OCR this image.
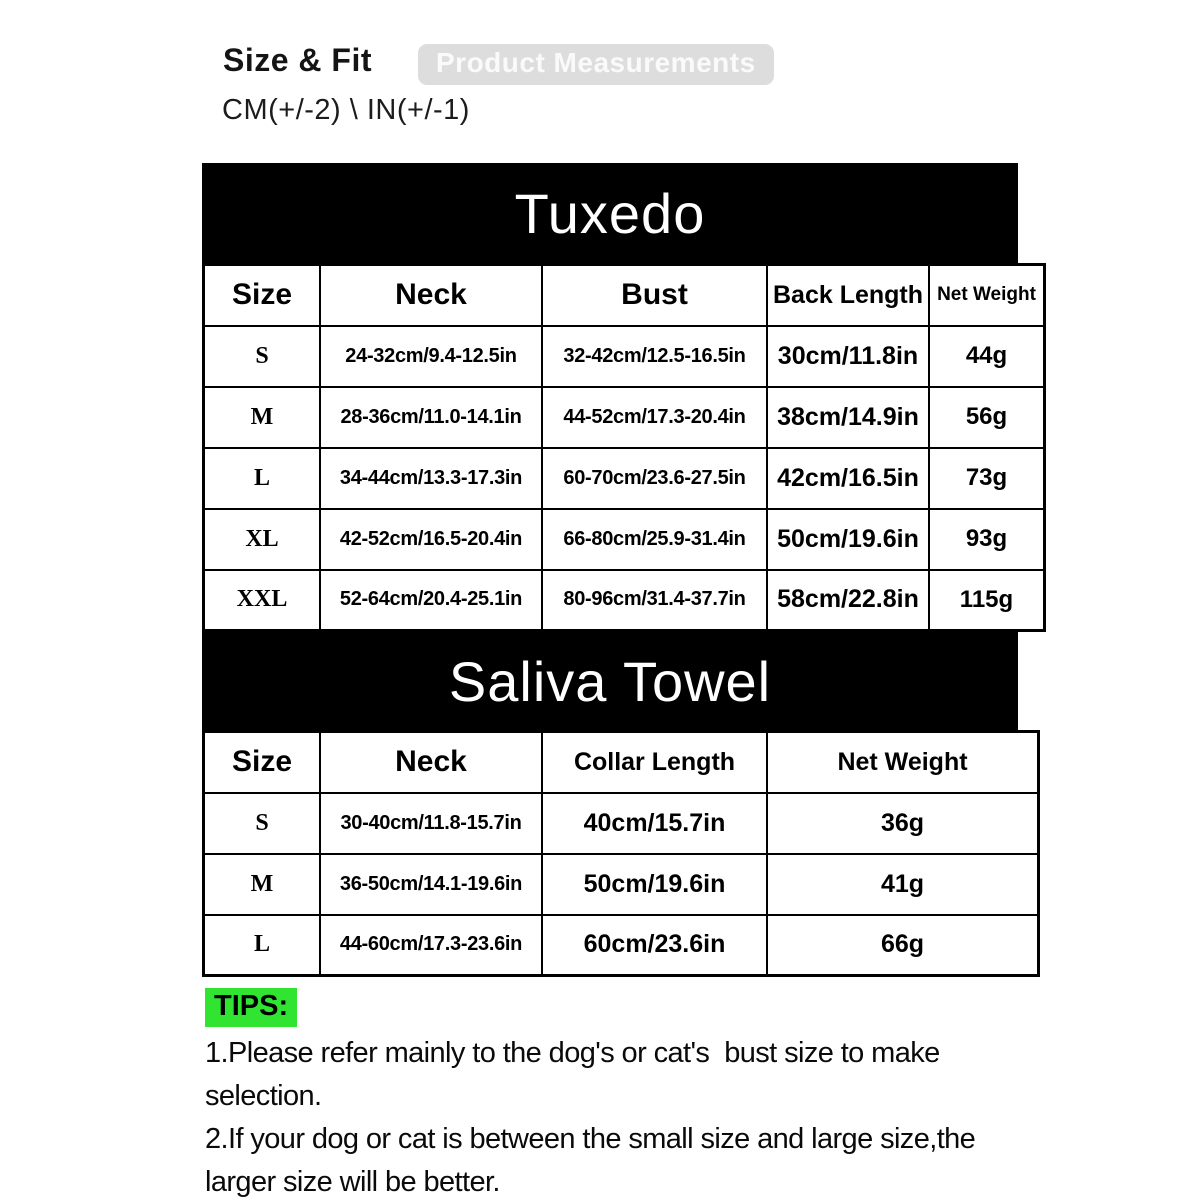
Size & Fit	Product Measurements
CM(+/-2) \ IN(+/-1)
Tuxedo
Size	Neck	Bust	Back Length	Net Weight
S	24-32cm/9.4-12.5in	32-42cm/12.5-16.5in	30cm/11.8in	44g
M	28-36cm/11.0-14.1in	44-52cm/17.3-20.4in	38cm/14.9in	56g
L	34-44cm/13.3-17.3in	60-70cm/23.6-27.5in	42cm/16.5in	73g
XL	42-52cm/16.5-20.4in	66-80cm/25.9-31.4in	50cm/19.6in	93g
XXL	52-64cm/20.4-25.1in	80-96cm/31.4-37.7in	58cm/22.8in	115g
Saliva Towel
Size	Neck	Collar Length	Net Weight
S	30-40cm/11.8-15.7in	40cm/15.7in	36g
M	36-50cm/14.1-19.6in	50cm/19.6in	41g
L	44-60cm/17.3-23.6in	60cm/23.6in	66g
TIPS:

1.Please refer mainly to the dog's or cat's  bust size to make selection.

2.If your dog or cat is between the small size and large size,the larger size will be better.
